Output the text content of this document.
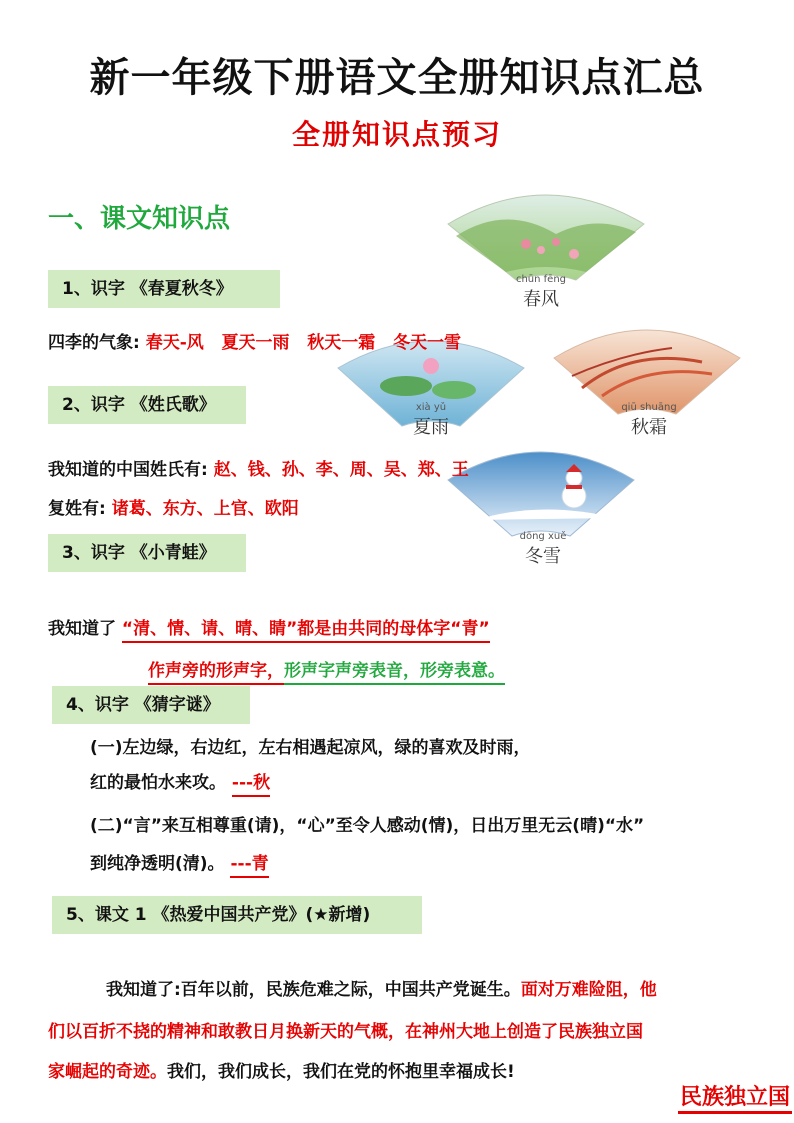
新一年级下册语文全册知识点汇总
全册知识点预习
一、课文知识点
chūn fēng
春风
xià yǔ
夏雨
qiū shuāng
秋霜
dōng xuě
冬雪
1、识字 《春夏秋冬》
四李的气象: 春天-风   夏天一雨   秋天一霜   冬天一雪
2、识字 《姓氏歌》
我知道的中国姓氏有: 赵、钱、孙、李、周、吴、郑、王
复姓有: 诸葛、东方、上官、欧阳
3、识字 《小青蛙》
我知道了 “清、情、请、晴、睛”都是由共同的母体字“青”
作声旁的形声字，形声字声旁表音，形旁表意。
4、识字 《猜字谜》
(一)左边绿，右边红，左右相遇起凉风，绿的喜欢及时雨，
红的最怕水来攻。 ---秋
(二)“言”来互相尊重(请)，“心”至令人感动(情)，日出万里无云(晴)“水”
到纯净透明(清)。 ---青
5、课文 1 《热爱中国共产党》(★新增)
我知道了:百年以前，民族危难之际，中国共产党诞生。面对万难险阻，他
们以百折不挠的精神和敢教日月换新天的气概，在神州大地上创造了民族独立国
家崛起的奇迹。我们，我们成长，我们在党的怀抱里幸福成长!
民族独立国
